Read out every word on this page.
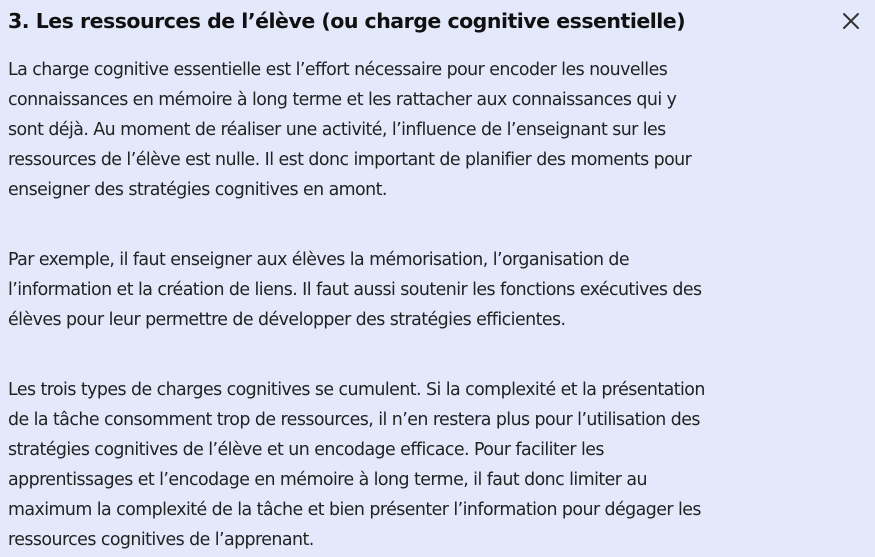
3. Les ressources de l’élève (ou charge cognitive essentielle)

La charge cognitive essentielle est l’effort nécessaire pour encoder les nouvelles
connaissances en mémoire à long terme et les rattacher aux connaissances qui y
sont déjà. Au moment de réaliser une activité, l’influence de l’enseignant sur les
ressources de l’élève est nulle. Il est donc important de planifier des moments pour
enseigner des stratégies cognitives en amont.

Par exemple, il faut enseigner aux élèves la mémorisation, l’organisation de
l’information et la création de liens. Il faut aussi soutenir les fonctions exécutives des
élèves pour leur permettre de développer des stratégies efficientes.

Les trois types de charges cognitives se cumulent. Si la complexité et la présentation
de la tâche consomment trop de ressources, il n’en restera plus pour l’utilisation des
stratégies cognitives de l’élève et un encodage efficace. Pour faciliter les
apprentissages et l’encodage en mémoire à long terme, il faut donc limiter au
maximum la complexité de la tâche et bien présenter l’information pour dégager les
ressources cognitives de l’apprenant.
